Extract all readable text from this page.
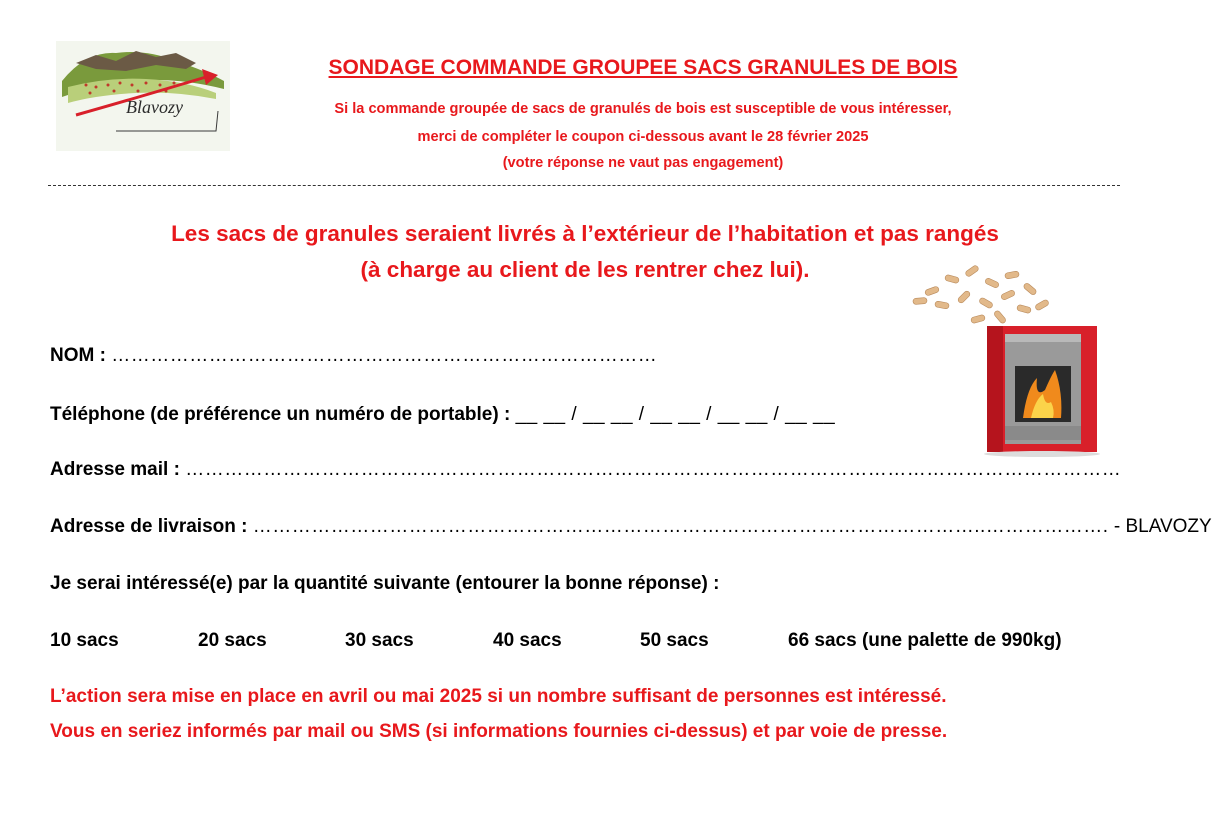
Blavozy
SONDAGE COMMANDE GROUPEE SACS GRANULES DE BOIS
Si la commande groupée de sacs de granulés de bois est susceptible de vous intéresser,
merci de compléter le coupon ci-dessous avant le 28 février 2025
(votre réponse ne vaut pas engagement)
Les sacs de granules seraient livrés à l’extérieur de l’habitation et pas rangés
(à charge au client de les rentrer chez lui).
NOM : …………………………………………………………………………
Téléphone (de préférence un numéro de portable) : __ __ / __ __ / __ __ / __ __ / __ __
Adresse mail : ………………………………………………………………………………………………………………………………
Adresse de livraison : …………………………………………………………………………………………………..………………. - BLAVOZY
Je serai intéressé(e) par la quantité suivante (entourer la bonne réponse) :
10 sacs	20 sacs	30 sacs	40 sacs	50 sacs	66 sacs (une palette de 990kg)
L’action sera mise en place en avril ou mai 2025 si un nombre suffisant de personnes est intéressé.
Vous en seriez informés par mail ou SMS (si informations fournies ci-dessus) et par voie de presse.
